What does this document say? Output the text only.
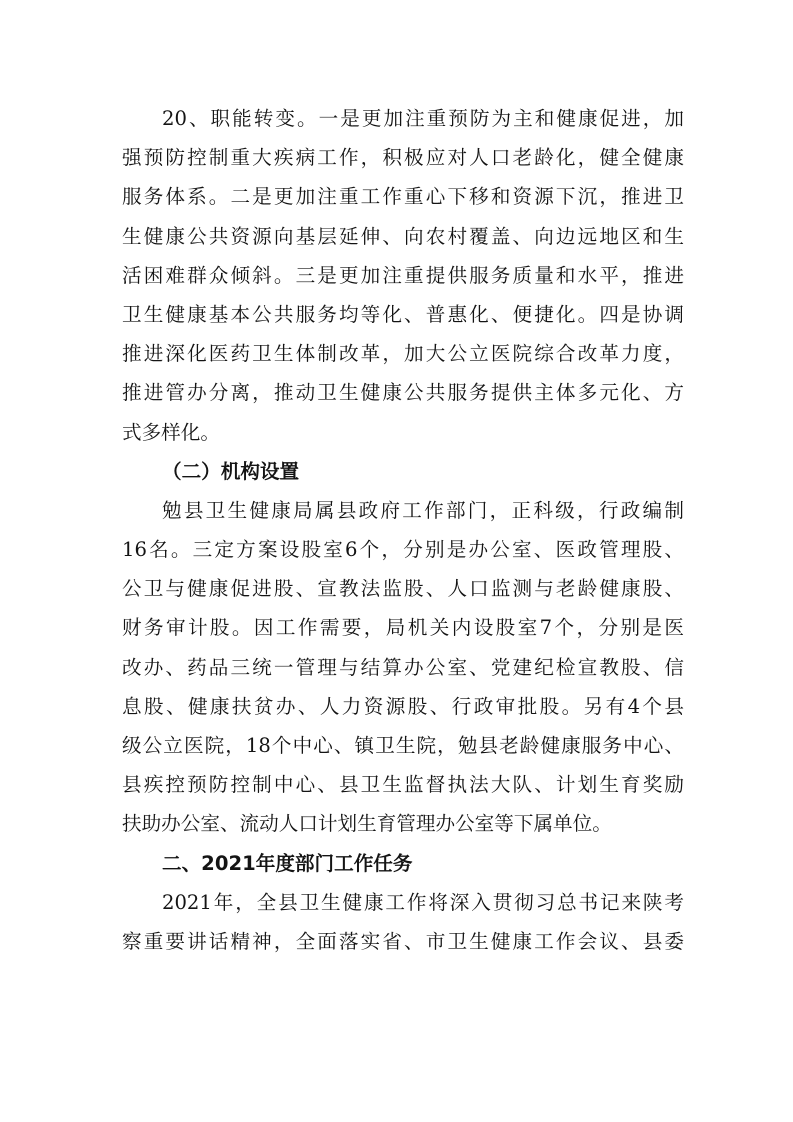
20、职能转变。一是更加注重预防为主和健康促进，加
强预防控制重大疾病工作，积极应对人口老龄化，健全健康
服务体系。二是更加注重工作重心下移和资源下沉，推进卫
生健康公共资源向基层延伸、向农村覆盖、向边远地区和生
活困难群众倾斜。三是更加注重提供服务质量和水平，推进
卫生健康基本公共服务均等化、普惠化、便捷化。四是协调
推进深化医药卫生体制改革，加大公立医院综合改革力度，
推进管办分离，推动卫生健康公共服务提供主体多元化、方
式多样化。
（二）机构设置
勉县卫生健康局属县政府工作部门，正科级，行政编制
16名。三定方案设股室6个，分别是办公室、医政管理股、
公卫与健康促进股、宣教法监股、人口监测与老龄健康股、
财务审计股。因工作需要，局机关内设股室7个，分别是医
改办、药品三统一管理与结算办公室、党建纪检宣教股、信
息股、健康扶贫办、人力资源股、行政审批股。另有4个县
级公立医院，18个中心、镇卫生院，勉县老龄健康服务中心、
县疾控预防控制中心、县卫生监督执法大队、计划生育奖励
扶助办公室、流动人口计划生育管理办公室等下属单位。
二、2021年度部门工作任务
2021年，全县卫生健康工作将深入贯彻习总书记来陕考
察重要讲话精神，全面落实省、市卫生健康工作会议、县委
